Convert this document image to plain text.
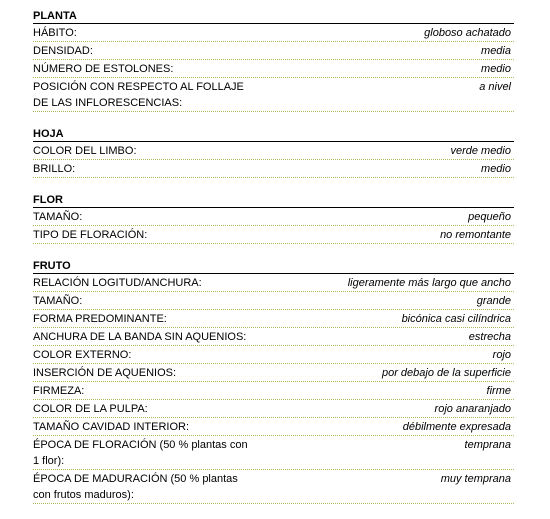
PLANTA
HÁBITO:	globoso achatado
DENSIDAD:	media
NÚMERO DE ESTOLONES:	medio
POSICIÓN CON RESPECTO AL FOLLAJE DE LAS INFLORESCENCIAS:
a nivel
HOJA
COLOR DEL LIMBO:	verde medio
BRILLO:	medio
FLOR
TAMAÑO:	pequeño
TIPO DE FLORACIÓN:	no remontante
FRUTO
RELACIÓN LOGITUD/ANCHURA:	ligeramente más largo que ancho
TAMAÑO:	grande
FORMA PREDOMINANTE:	bicónica casi cilíndrica
ANCHURA DE LA BANDA SIN AQUENIOS:	estrecha
COLOR EXTERNO:	rojo
INSERCIÓN DE AQUENIOS:	por debajo de la superficie
FIRMEZA:	firme
COLOR DE LA PULPA:	rojo anaranjado
TAMAÑO CAVIDAD INTERIOR:	débilmente expresada
ÉPOCA DE FLORACIÓN (50 % plantas con 1 flor):
temprana
ÉPOCA DE MADURACIÓN (50 % plantas con frutos maduros):
muy temprana
